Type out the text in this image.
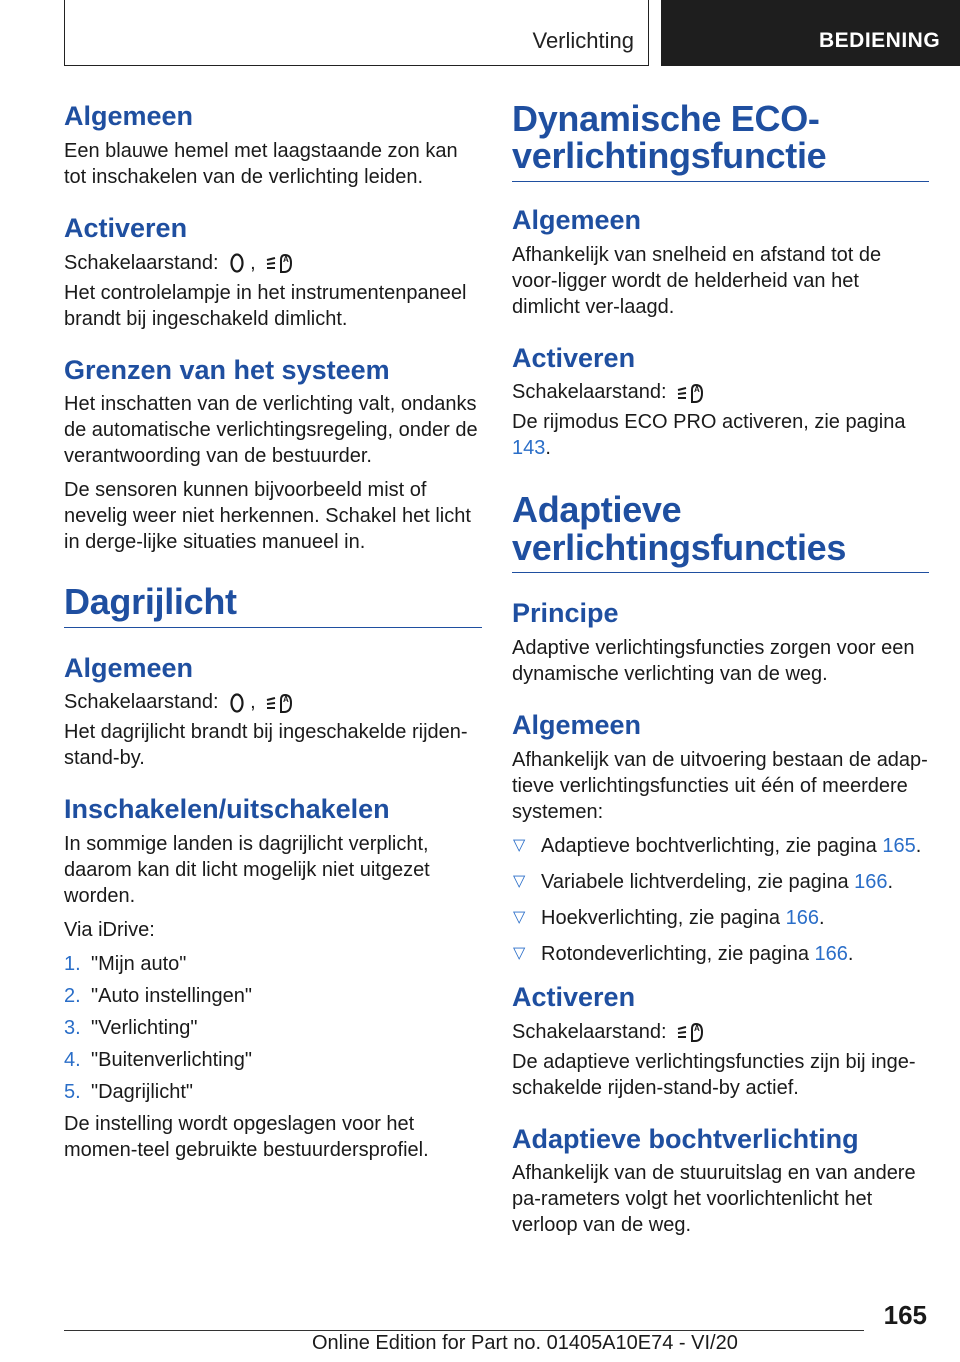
Verlichting	BEDIENING
Algemeen

Een blauwe hemel met laagstaande zon kan tot inschakelen van de verlichting leiden.

Activeren

Schakelaarstand: ,	A

Het controlelampje in het instrumentenpaneel brandt bij ingeschakeld dimlicht.

Grenzen van het systeem

Het inschatten van de verlichting valt, ondanks de automatische verlichtingsregeling, onder de verantwoording van de bestuurder.

De sensoren kunnen bijvoorbeeld mist of nevelig weer niet herkennen. Schakel het licht in derge-lijke situaties manueel in.

Dagrijlicht
Algemeen

Schakelaarstand: ,	A

Het dagrijlicht brandt bij ingeschakelde rijden-stand-by.

Inschakelen/uitschakelen

In sommige landen is dagrijlicht verplicht, daarom kan dit licht mogelijk niet uitgezet worden.

Via iDrive:

1. "Mijn auto"
2. "Auto instellingen"
3. "Verlichting"
4. "Buitenverlichting"
5. "Dagrijlicht"

De instelling wordt opgeslagen voor het momen-teel gebruikte bestuurdersprofiel.

Dynamische ECO-verlichtingsfunctie
Algemeen

Afhankelijk van snelheid en afstand tot de voor-ligger wordt de helderheid van het dimlicht ver-laagd.

Activeren

Schakelaarstand:	A

De rijmodus ECO PRO activeren, zie pagina 143.

Adaptieve verlichtingsfuncties
Principe

Adaptive verlichtingsfuncties zorgen voor een dynamische verlichting van de weg.

Algemeen

Afhankelijk van de uitvoering bestaan de adap-tieve verlichtingsfuncties uit één of meerdere systemen:

▽ Adaptieve bochtverlichting, zie pagina 165.
▽ Variabele lichtverdeling, zie pagina 166.
▽ Hoekverlichting, zie pagina 166.
▽ Rotondeverlichting, zie pagina 166.
Activeren

Schakelaarstand:	A

De adaptieve verlichtingsfuncties zijn bij inge-schakelde rijden-stand-by actief.

Adaptieve bochtverlichting

Afhankelijk van de stuuruitslag en van andere pa-rameters volgt het voorlichtenlicht het verloop van de weg.

165
Online Edition for Part no. 01405A10E74 - VI/20
